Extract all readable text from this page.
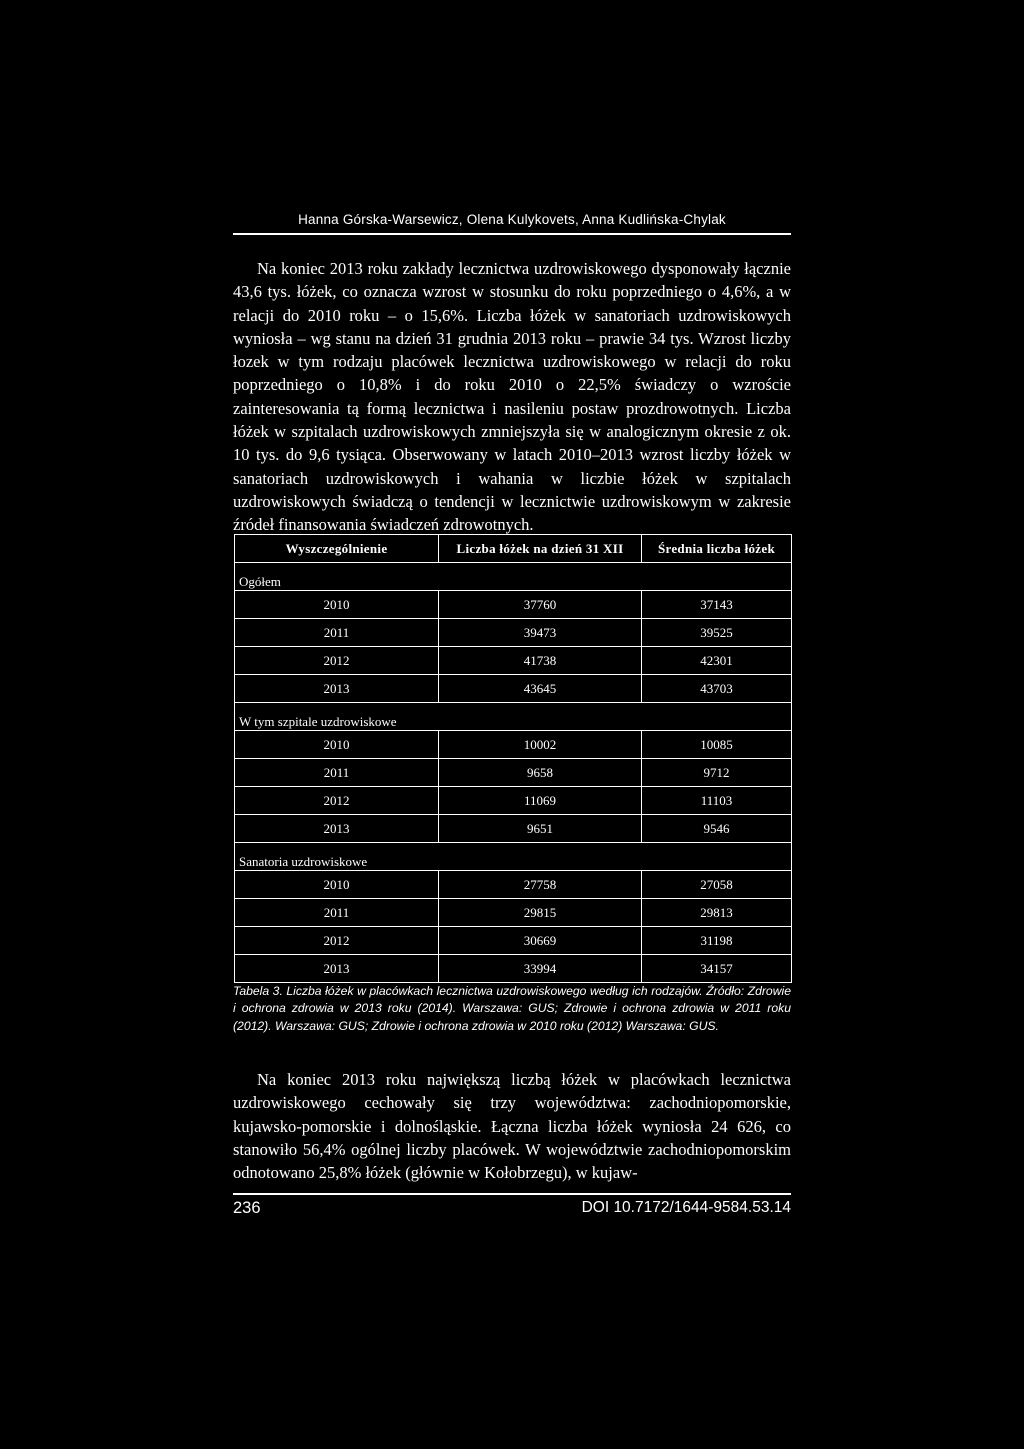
Hanna Górska-Warsewicz, Olena Kulykovets, Anna Kudlińska-Chylak

Na koniec 2013 roku zakłady lecznictwa uzdrowiskowego dysponowały łącznie 43,6 tys. łóżek, co oznacza wzrost w stosunku do roku poprzedniego o 4,6%, a w relacji do 2010 roku – o 15,6%. Liczba łóżek w sanatoriach uzdrowiskowych wyniosła – wg stanu na dzień 31 grudnia 2013 roku – prawie 34 tys. Wzrost liczby łozek w tym rodzaju placówek lecznictwa uzdrowiskowego w relacji do roku poprzedniego o 10,8% i do roku 2010 o 22,5% świadczy o wzroście zainteresowania tą formą lecznictwa i nasileniu postaw prozdrowotnych. Liczba łóżek w szpitalach uzdrowiskowych zmniejszyła się w analogicznym okresie z ok. 10 tys. do 9,6 tysiąca. Obserwowany w latach 2010–2013 wzrost liczby łóżek w sanatoriach uzdrowiskowych i wahania w liczbie łóżek w szpitalach uzdrowiskowych świadczą o tendencji w lecznictwie uzdrowiskowym w zakresie źródeł finansowania świadczeń zdrowotnych.

Wyszczególnienie	Liczba łóżek na dzień 31 XII	Średnia liczba łóżek
Ogółem		
2010	37760	37143
2011	39473	39525
2012	41738	42301
2013	43645	43703
W tym szpitale uzdrowiskowe		
2010	10002	10085
2011	9658	9712
2012	11069	11103
2013	9651	9546
Sanatoria uzdrowiskowe		
2010	27758	27058
2011	29815	29813
2012	30669	31198
2013	33994	34157

Tabela 3. Liczba łóżek w placówkach lecznictwa uzdrowiskowego według ich rodzajów. Źródło: Zdrowie i ochrona zdrowia w 2013 roku (2014). Warszawa: GUS; Zdrowie i ochrona zdrowia w 2011 roku (2012). Warszawa: GUS; Zdrowie i ochrona zdrowia w 2010 roku (2012) Warszawa: GUS.

Na koniec 2013 roku największą liczbą łóżek w placówkach lecznictwa uzdrowiskowego cechowały się trzy województwa: zachodniopomorskie, kujawsko-pomorskie i dolnośląskie. Łączna liczba łóżek wyniosła 24 626, co stanowiło 56,4% ogólnej liczby placówek. W województwie zachodniopomorskim odnotowano 25,8% łóżek (głównie w Kołobrzegu), w kujaw-

236	DOI 10.7172/1644-9584.53.14
